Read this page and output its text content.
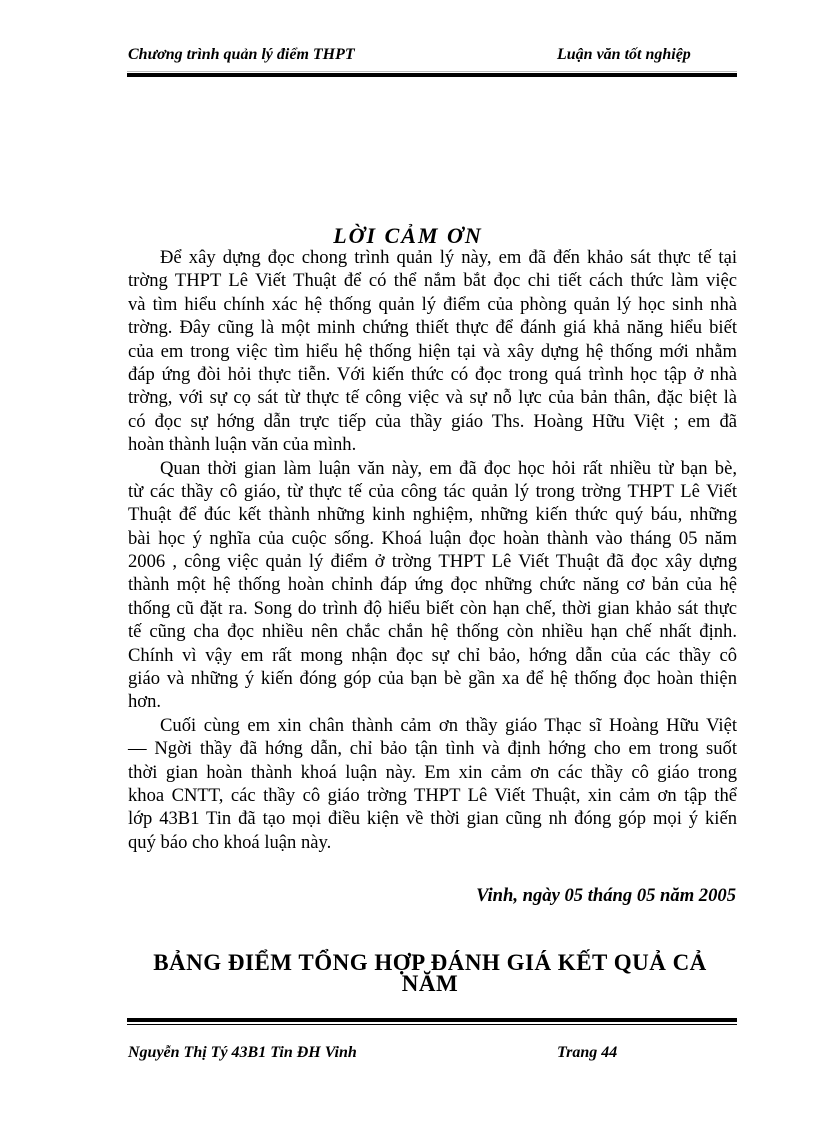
Chương trình quản lý điểm THPT	Luận văn tốt nghiệp
LỜI CẢM ƠN
Để xây dựng đọc chong trình quản lý này, em đã đến khảo sát thực tế tại
trờng THPT Lê Viết Thuật để có thể nắm bắt đọc chi tiết cách thức làm việc
và tìm hiểu chính xác hệ thống quản lý điểm của phòng quản lý học sinh nhà
trờng. Đây cũng là một minh chứng thiết thực để đánh giá khả năng hiểu biết
của em trong việc tìm hiểu hệ thống hiện tại và xây dựng hệ thống mới nhằm
đáp ứng đòi hỏi thực tiễn. Với kiến thức có đọc trong quá trình học tập ở nhà
trờng, với sự cọ sát từ thực tế công việc và sự nỗ lực của bản thân, đặc biệt là
có đọc sự hớng dẫn trực tiếp của thầy giáo Ths. Hoàng Hữu Việt ; em đã
hoàn thành luận văn của mình.
Quan thời gian làm luận văn này, em đã đọc học hỏi rất nhiều từ bạn bè,
từ các thầy cô giáo, từ thực tế của công tác quản lý trong trờng THPT Lê Viết
Thuật để đúc kết thành những kinh nghiệm, những kiến thức quý báu, những
bài học ý nghĩa của cuộc sống. Khoá luận đọc hoàn thành vào tháng 05 năm
2006 , công việc quản lý điểm ở trờng THPT Lê Viết Thuật đã đọc xây dựng
thành một hệ thống hoàn chỉnh đáp ứng đọc những chức năng cơ bản của hệ
thống cũ đặt ra. Song do trình độ hiểu biết còn hạn chế, thời gian khảo sát thực
tế cũng cha đọc nhiều nên chắc chắn hệ thống còn nhiều hạn chế nhất định.
Chính vì vậy em rất mong nhận đọc sự chỉ bảo, hớng dẫn của các thầy cô
giáo và những ý kiến đóng góp của bạn bè gần xa để hệ thống đọc hoàn thiện
hơn.
Cuối cùng em xin chân thành cảm ơn thầy giáo Thạc sĩ Hoàng Hữu Việt
— Ngời thầy đã hớng dẫn, chỉ bảo tận tình và định hớng cho em trong suốt
thời gian hoàn thành khoá luận này. Em xin cảm ơn các thầy cô giáo trong
khoa CNTT, các thầy cô giáo trờng THPT Lê Viết Thuật, xin cảm ơn tập thể
lớp 43B1 Tin đã tạo mọi điều kiện về thời gian cũng nh đóng góp mọi ý kiến
quý báo cho khoá luận này.
Vinh, ngày 05 tháng 05 năm 2005
BẢNG ĐIỂM TỔNG HỢP ĐÁNH GIÁ KẾT QUẢ CẢ
NĂM
Nguyễn Thị Tý 43B1 Tin ĐH Vinh	Trang 44
